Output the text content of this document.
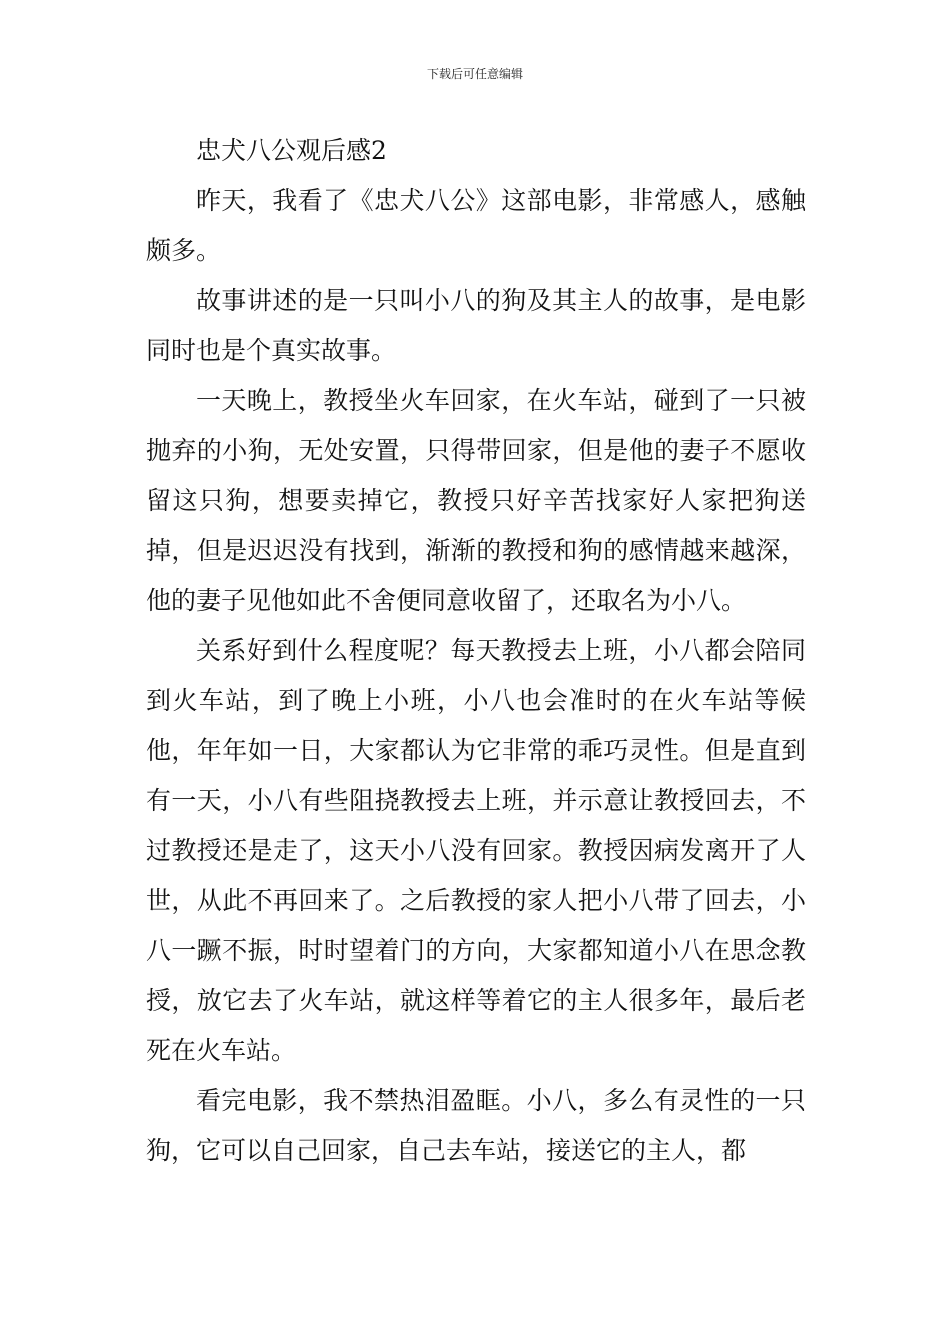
下载后可任意编辑
忠犬八公观后感2

昨天，我看了《忠犬八公》这部电影，非常感人，感触颇多。

故事讲述的是一只叫小八的狗及其主人的故事，是电影同时也是个真实故事。

一天晚上，教授坐火车回家，在火车站，碰到了一只被抛弃的小狗，无处安置，只得带回家，但是他的妻子不愿收留这只狗，想要卖掉它，教授只好辛苦找家好人家把狗送掉，但是迟迟没有找到，渐渐的教授和狗的感情越来越深，他的妻子见他如此不舍便同意收留了，还取名为小八。

关系好到什么程度呢？每天教授去上班，小八都会陪同到火车站，到了晚上小班，小八也会准时的在火车站等候他，年年如一日，大家都认为它非常的乖巧灵性。但是直到有一天，小八有些阻挠教授去上班，并示意让教授回去，不过教授还是走了，这天小八没有回家。教授因病发离开了人世，从此不再回来了。之后教授的家人把小八带了回去，小八一蹶不振，时时望着门的方向，大家都知道小八在思念教授，放它去了火车站，就这样等着它的主人很多年，最后老死在火车站。

看完电影，我不禁热泪盈眶。小八，多么有灵性的一只狗，它可以自己回家，自己去车站，接送它的主人，都
